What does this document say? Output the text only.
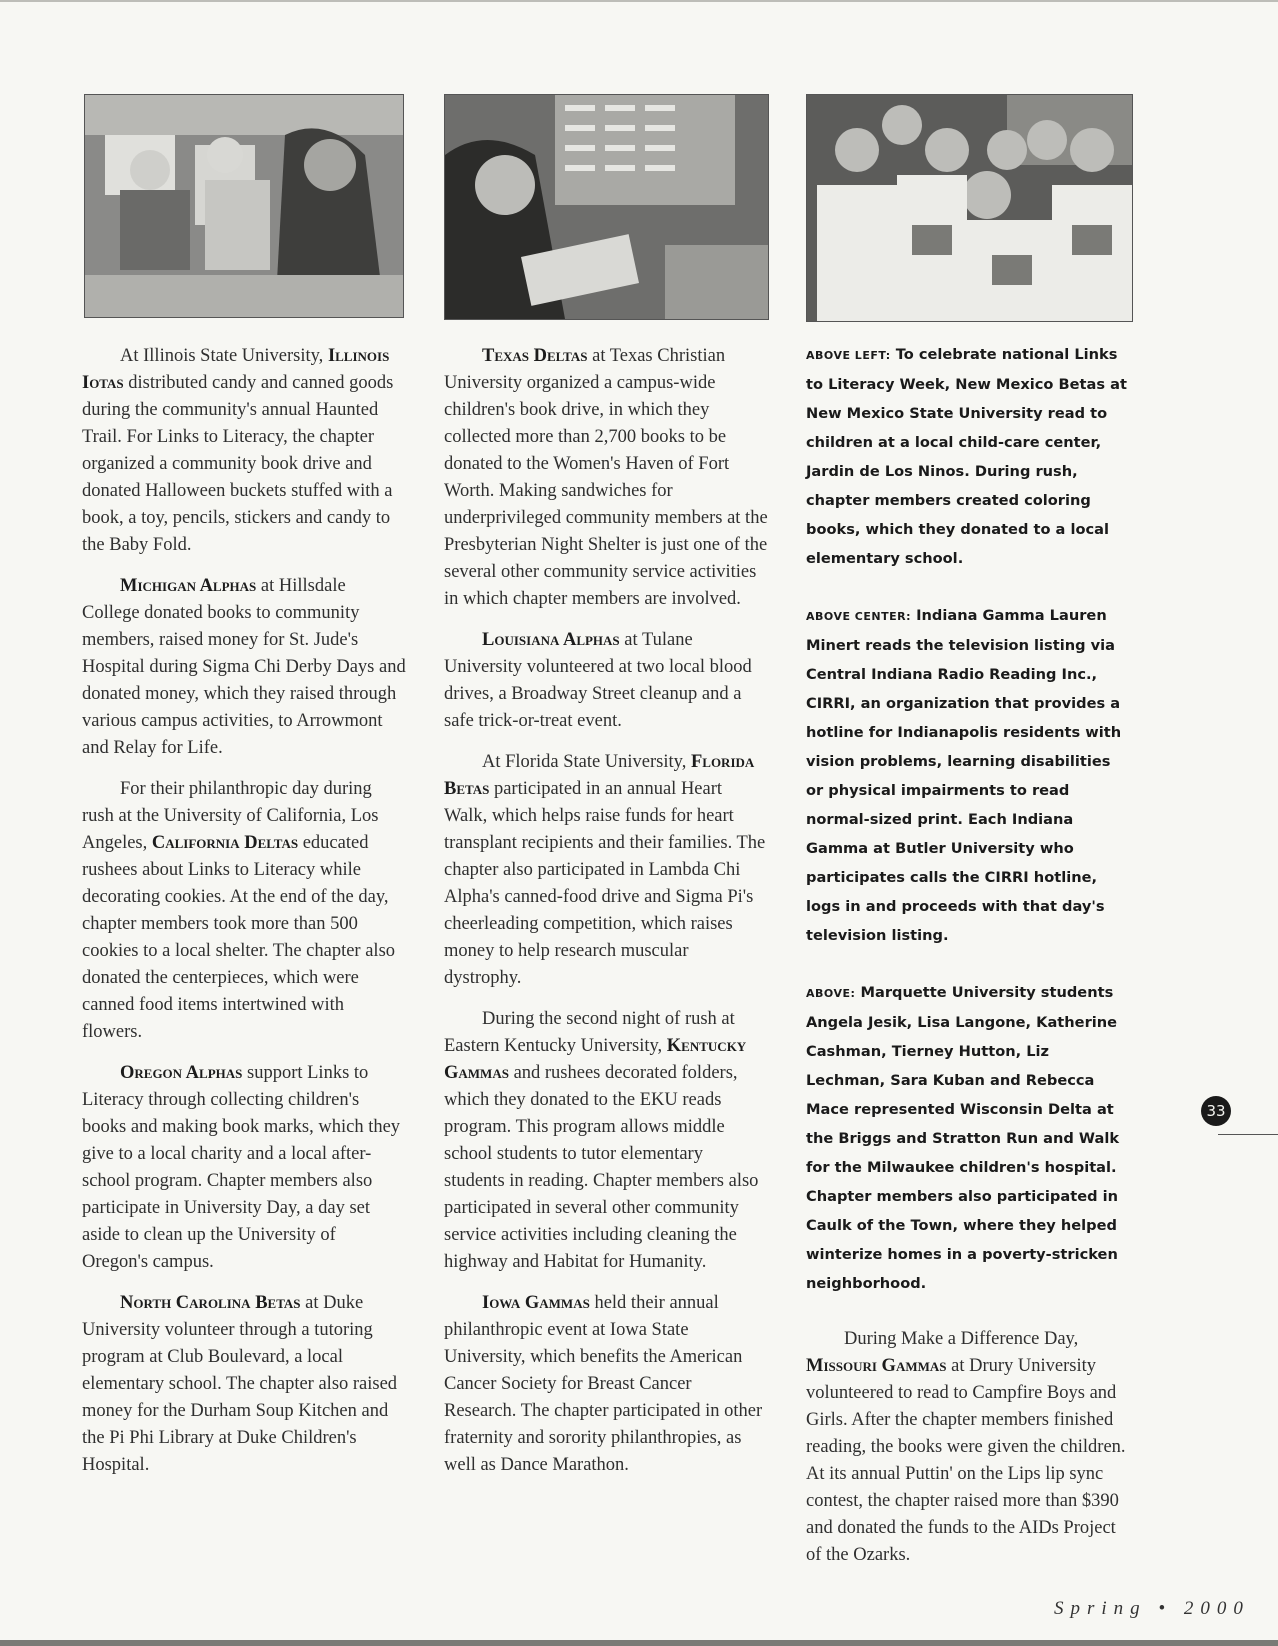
At Illinois State University, Illinois Iotas distributed candy and canned goods during the community's annual Haunted Trail. For Links to Literacy, the chapter organized a community book drive and donated Halloween buckets stuffed with a book, a toy, pencils, stickers and candy to the Baby Fold.

Michigan Alphas at Hillsdale College donated books to community members, raised money for St. Jude's Hospital during Sigma Chi Derby Days and donated money, which they raised through various campus activities, to Arrowmont and Relay for Life.

For their philanthropic day during rush at the University of California, Los Angeles, California Deltas educated rushees about Links to Literacy while decorating cookies. At the end of the day, chapter members took more than 500 cookies to a local shelter. The chapter also donated the centerpieces, which were canned food items intertwined with flowers.

Oregon Alphas support Links to Literacy through collecting children's books and making book marks, which they give to a local charity and a local after-school program. Chapter members also participate in University Day, a day set aside to clean up the University of Oregon's campus.

North Carolina Betas at Duke University volunteer through a tutoring program at Club Boulevard, a local elementary school. The chapter also raised money for the Durham Soup Kitchen and the Pi Phi Library at Duke Children's Hospital.

Texas Deltas at Texas Christian University organized a campus-wide children's book drive, in which they collected more than 2,700 books to be donated to the Women's Haven of Fort Worth. Making sandwiches for underprivileged community members at the Presbyterian Night Shelter is just one of the several other community service activities in which chapter members are involved.

Louisiana Alphas at Tulane University volunteered at two local blood drives, a Broadway Street cleanup and a safe trick-or-treat event.

At Florida State University, Florida Betas participated in an annual Heart Walk, which helps raise funds for heart transplant recipients and their families. The chapter also participated in Lambda Chi Alpha's canned-food drive and Sigma Pi's cheerleading competition, which raises money to help research muscular dystrophy.

During the second night of rush at Eastern Kentucky University, Kentucky Gammas and rushees decorated folders, which they donated to the EKU reads program. This program allows middle school students to tutor elementary students in reading. Chapter members also participated in several other community service activities including cleaning the highway and Habitat for Humanity.

Iowa Gammas held their annual philanthropic event at Iowa State University, which benefits the American Cancer Society for Breast Cancer Research. The chapter participated in other fraternity and sorority philanthropies, as well as Dance Marathon.

ABOVE LEFT: To celebrate national Links to Literacy Week, New Mexico Betas at New Mexico State University read to children at a local child-care center, Jardin de Los Ninos. During rush, chapter members created coloring books, which they donated to a local elementary school.
ABOVE CENTER: Indiana Gamma Lauren Minert reads the television listing via Central Indiana Radio Reading Inc., CIRRI, an organization that provides a hotline for Indianapolis residents with vision problems, learning disabilities or physical impairments to read normal-sized print. Each Indiana Gamma at Butler University who participates calls the CIRRI hotline, logs in and proceeds with that day's television listing.
ABOVE: Marquette University students Angela Jesik, Lisa Langone, Katherine Cashman, Tierney Hutton, Liz Lechman, Sara Kuban and Rebecca Mace represented Wisconsin Delta at the Briggs and Stratton Run and Walk for the Milwaukee children's hospital. Chapter members also participated in Caulk of the Town, where they helped winterize homes in a poverty-stricken neighborhood.

During Make a Difference Day, Missouri Gammas at Drury University volunteered to read to Campfire Boys and Girls. After the chapter members finished reading, the books were given the children. At its annual Puttin' on the Lips lip sync contest, the chapter raised more than $390 and donated the funds to the AIDs Project of the Ozarks.

33
Spring • 2000
